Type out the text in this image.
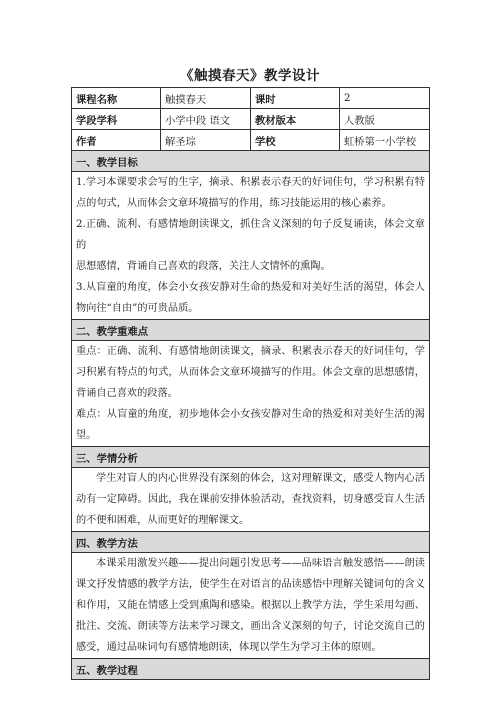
《触摸春天》教学设计
课程名称	触摸春天	课时	2
学段学科	小学中段 语文	教材版本	人教版
作者	解圣琮	学校	虹桥第一小学校
一、教学目标			

1.学习本课要求会写的生字，摘录、积累表示春天的好词佳句，学习积累有特点的句式，从而体会文章环境描写的作用，练习技能运用的核心素养。

2.正确、流利、有感情地朗读课文，抓住含义深刻的句子反复诵读，体会文章的

思想感情，背诵自己喜欢的段落，关注人文情怀的熏陶。

3.从盲童的角度，体会小女孩安静对生命的热爱和对美好生活的渴望，体会人物向往“自由”的可贵品质。			

二、教学重难点			

重点：正确、流利、有感情地朗读课文，摘录、积累表示春天的好词佳句，学习积累有特点的句式，从而体会文章环境描写的作用。体会文章的思想感情，背诵自己喜欢的段落。

难点：从盲童的角度，初步地体会小女孩安静对生命的热爱和对美好生活的渴望。			

三、学情分析			

学生对盲人的内心世界没有深刻的体会，这对理解课文，感受人物内心活动有一定障碍。因此，我在课前安排体验活动，查找资料，切身感受盲人生活的不便和困难，从而更好的理解课文。			

四、教学方法			

本课采用激发兴趣——提出问题引发思考——品味语言触发感悟——朗读课文抒发情感的教学方法，使学生在对语言的品读感悟中理解关键词句的含义和作用，又能在情感上受到熏陶和感染。根据以上教学方法，学生采用勾画、批注、交流、朗读等方法来学习课文，画出含义深刻的句子，讨论交流自己的感受，通过品味词句有感情地朗读，体现以学生为学习主体的原则。			

五、教学过程			
